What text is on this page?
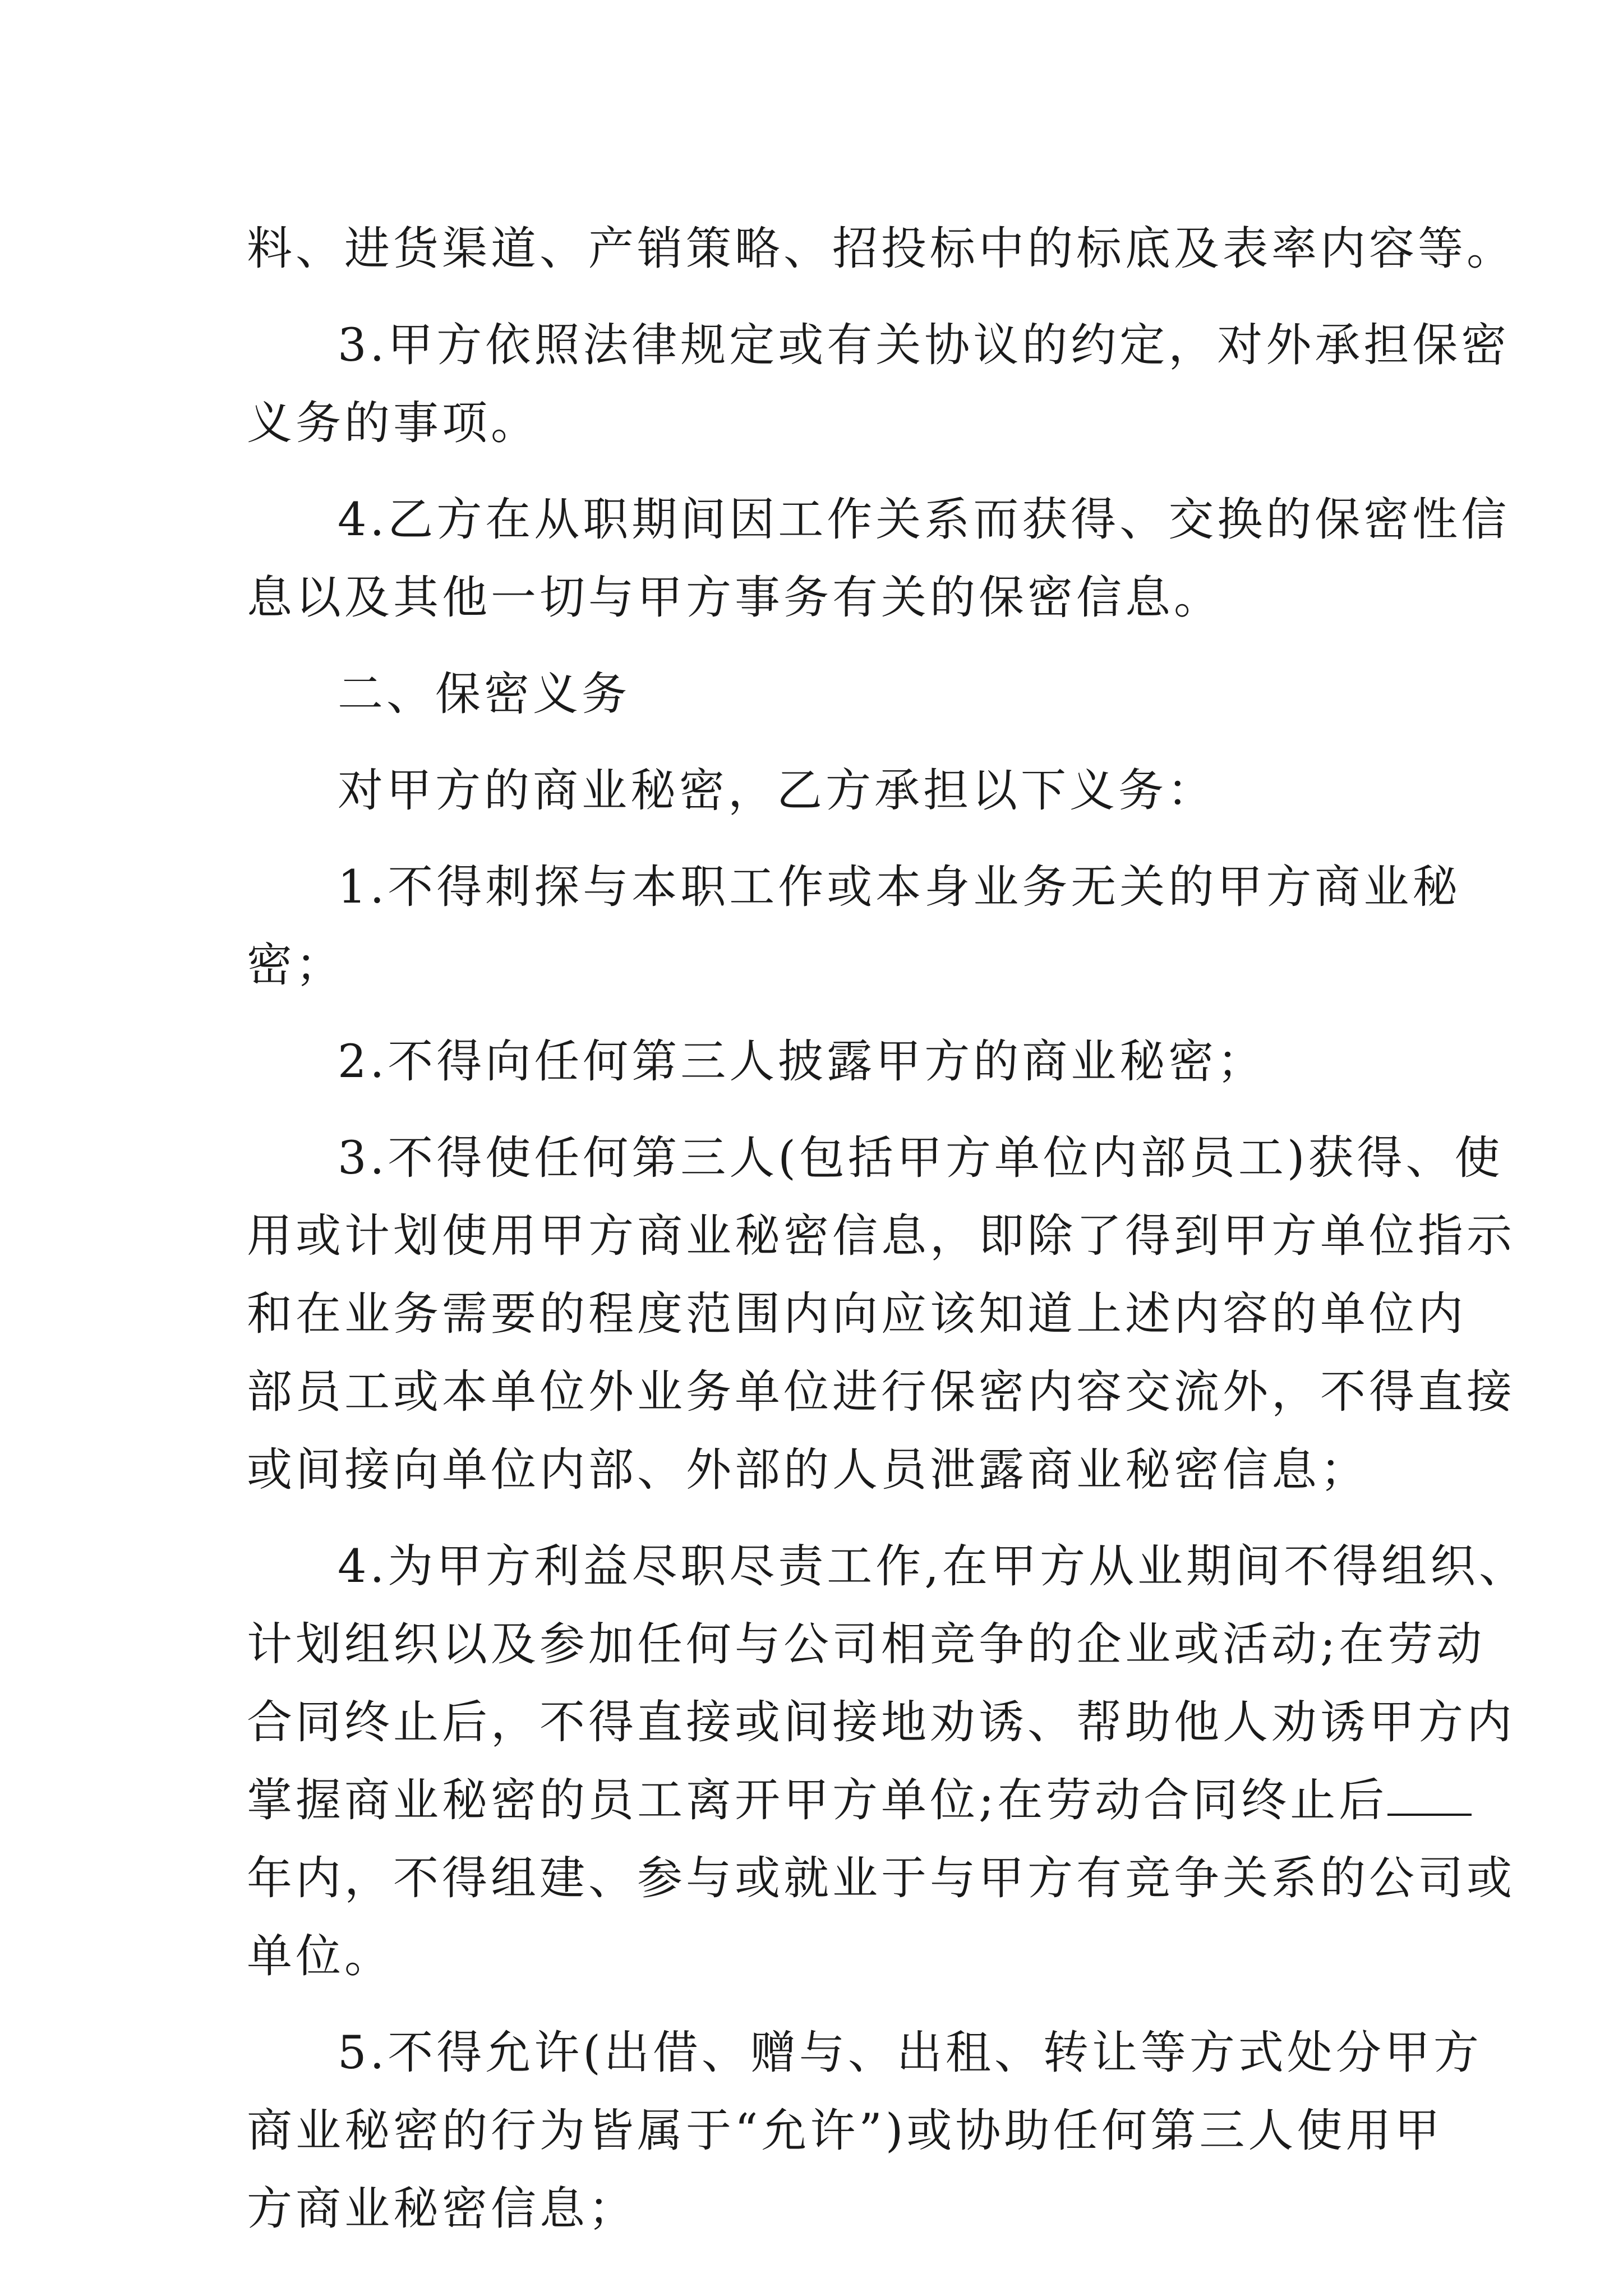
料、进货渠道、产销策略、招投标中的标底及表率内容等。
3.甲方依照法律规定或有关协议的约定，对外承担保密
义务的事项。
4.乙方在从职期间因工作关系而获得、交换的保密性信
息以及其他一切与甲方事务有关的保密信息。
二、保密义务
对甲方的商业秘密，乙方承担以下义务：
1.不得刺探与本职工作或本身业务无关的甲方商业秘
密；
2.不得向任何第三人披露甲方的商业秘密；
3.不得使任何第三人(包括甲方单位内部员工)获得、使
用或计划使用甲方商业秘密信息，即除了得到甲方单位指示
和在业务需要的程度范围内向应该知道上述内容的单位内
部员工或本单位外业务单位进行保密内容交流外，不得直接
或间接向单位内部、外部的人员泄露商业秘密信息；
4.为甲方利益尽职尽责工作,在甲方从业期间不得组织、
计划组织以及参加任何与公司相竞争的企业或活动;在劳动
合同终止后，不得直接或间接地劝诱、帮助他人劝诱甲方内
掌握商业秘密的员工离开甲方单位;在劳动合同终止后
年内，不得组建、参与或就业于与甲方有竞争关系的公司或
单位。
5.不得允许(出借、赠与、出租、转让等方式处分甲方
商业秘密的行为皆属于“允许”)或协助任何第三人使用甲
方商业秘密信息；
